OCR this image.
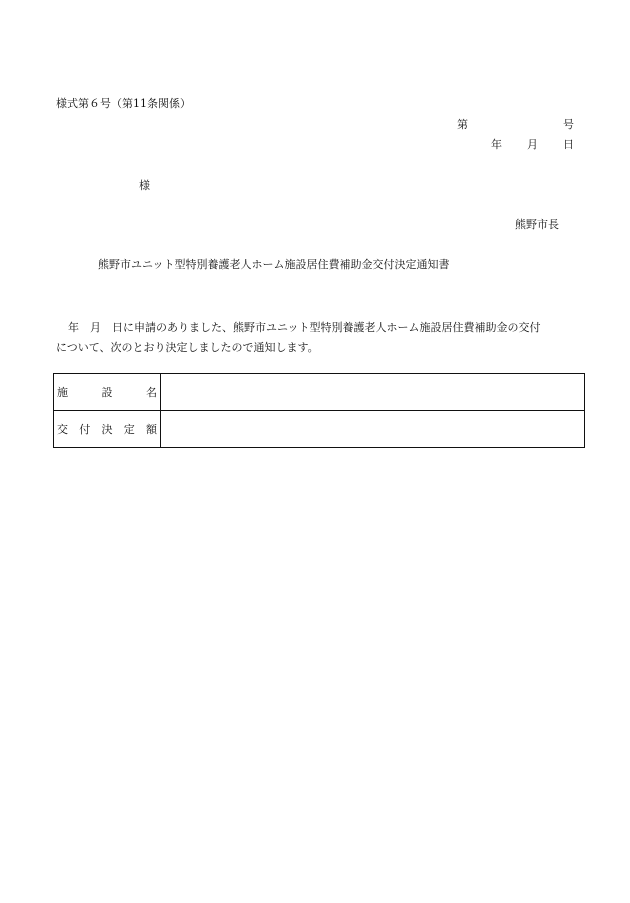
様式第６号（第11条関係）
第	号
年 月 日
様
熊野市長
熊野市ユニット型特別養護老人ホーム施設居住費補助金交付決定通知書
年　月　日に申請のありました、熊野市ユニット型特別養護老人ホーム施設居住費補助金の交付
について、次のとおり決定しましたので通知します。
施 設 名	

交 付 決 定 額	
